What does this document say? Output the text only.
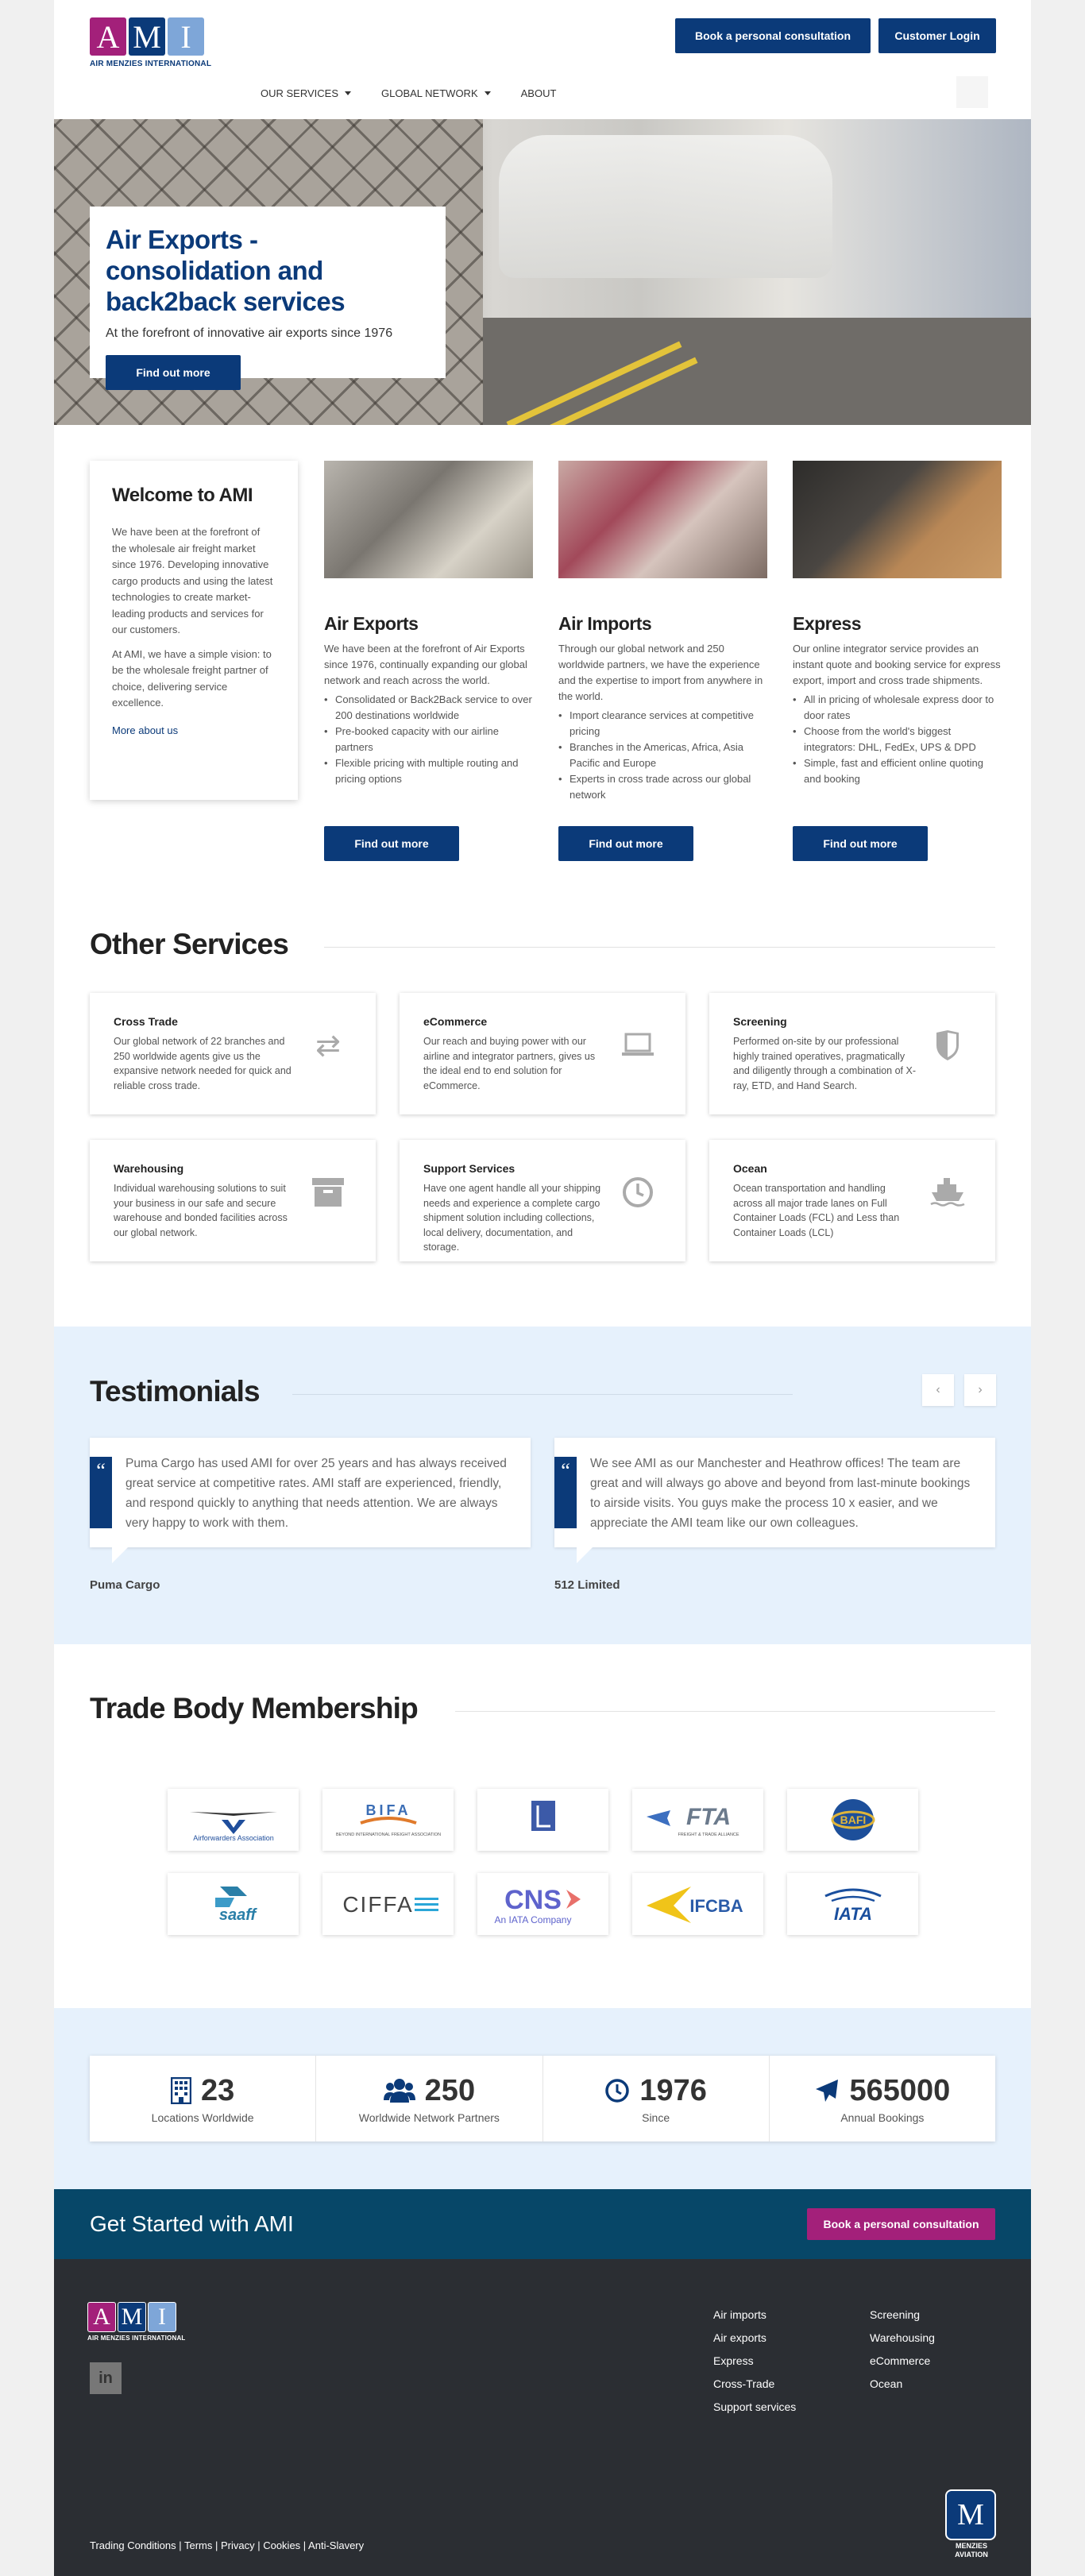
A M I
AIR MENZIES INTERNATIONAL
Book a personal consultation	Customer Login
OUR SERVICES	GLOBAL NETWORK	ABOUT
Air Exports - consolidation and back2back services
At the forefront of innovative air exports since 1976
Find out more
Welcome to AMI

We have been at the forefront of the wholesale air freight market since 1976. Developing innovative cargo products and using the latest technologies to create market-leading products and services for our customers.

At AMI, we have a simple vision: to be the wholesale freight partner of choice, delivering service excellence.

More about us
Air Exports
We have been at the forefront of Air Exports since 1976, continually expanding our global network and reach across the world.
• Consolidated or Back2Back service to over 200 destinations worldwide
• Pre-booked capacity with our airline partners
• Flexible pricing with multiple routing and pricing options
Air Imports
Through our global network and 250 worldwide partners, we have the experience and the expertise to import from anywhere in the world.
• Import clearance services at competitive pricing
• Branches in the Americas, Africa, Asia Pacific and Europe
• Experts in cross trade across our global network
Express
Our online integrator service provides an instant quote and booking service for express export, import and cross trade shipments.
• All in pricing of wholesale express door to door rates
• Choose from the world's biggest integrators: DHL, FedEx, UPS & DPD
• Simple, fast and efficient online quoting and booking
Find out more	Find out more	Find out more
Other Services
Cross Trade
Our global network of 22 branches and 250 worldwide agents give us the expansive network needed for quick and reliable cross trade.
⇄
eCommerce
Our reach and buying power with our airline and integrator partners, gives us the ideal end to end solution for eCommerce.
Screening
Performed on-site by our professional highly trained operatives, pragmatically and diligently through a combination of X-ray, ETD, and Hand Search.
Warehousing
Individual warehousing solutions to suit your business in our safe and secure warehouse and bonded facilities across our global network.
Support Services
Have one agent handle all your shipping needs and experience a complete cargo shipment solution including collections, local delivery, documentation, and storage.
Ocean
Ocean transportation and handling across all major trade lanes on Full Container Loads (FCL) and Less than Container Loads (LCL)
Testimonials	‹	›
“	Puma Cargo has used AMI for over 25 years and has always received great service at competitive rates. AMI staff are experienced, friendly, and respond quickly to anything that needs attention. We are always very happy to work with them.
Puma Cargo
“	We see AMI as our Manchester and Heathrow offices! The team are great and will always go above and beyond from last-minute bookings to airside visits. You guys make the process 10 x easier, and we appreciate the AMI team like our own colleagues.
512 Limited
Trade Body Membership
Airforwarders Association
BIFA
BEYOND INTERNATIONAL FREIGHT ASSOCIATION
FTA
FREIGHT & TRADE ALLIANCE
BAFI
saaff	CIFFA	CNS
An IATA Company
IFCBA	IATA
23
Locations Worldwide
250
Worldwide Network Partners
1976
Since
565000
Annual Bookings
Get Started with AMI	Book a personal consultation
A M I
AIR MENZIES INTERNATIONAL
in
Air imports
Air exports
Express
Cross-Trade
Support services
Screening
Warehousing
eCommerce
Ocean
Trading Conditions | Terms | Privacy | Cookies | Anti-Slavery
M
MENZIES AVIATION
